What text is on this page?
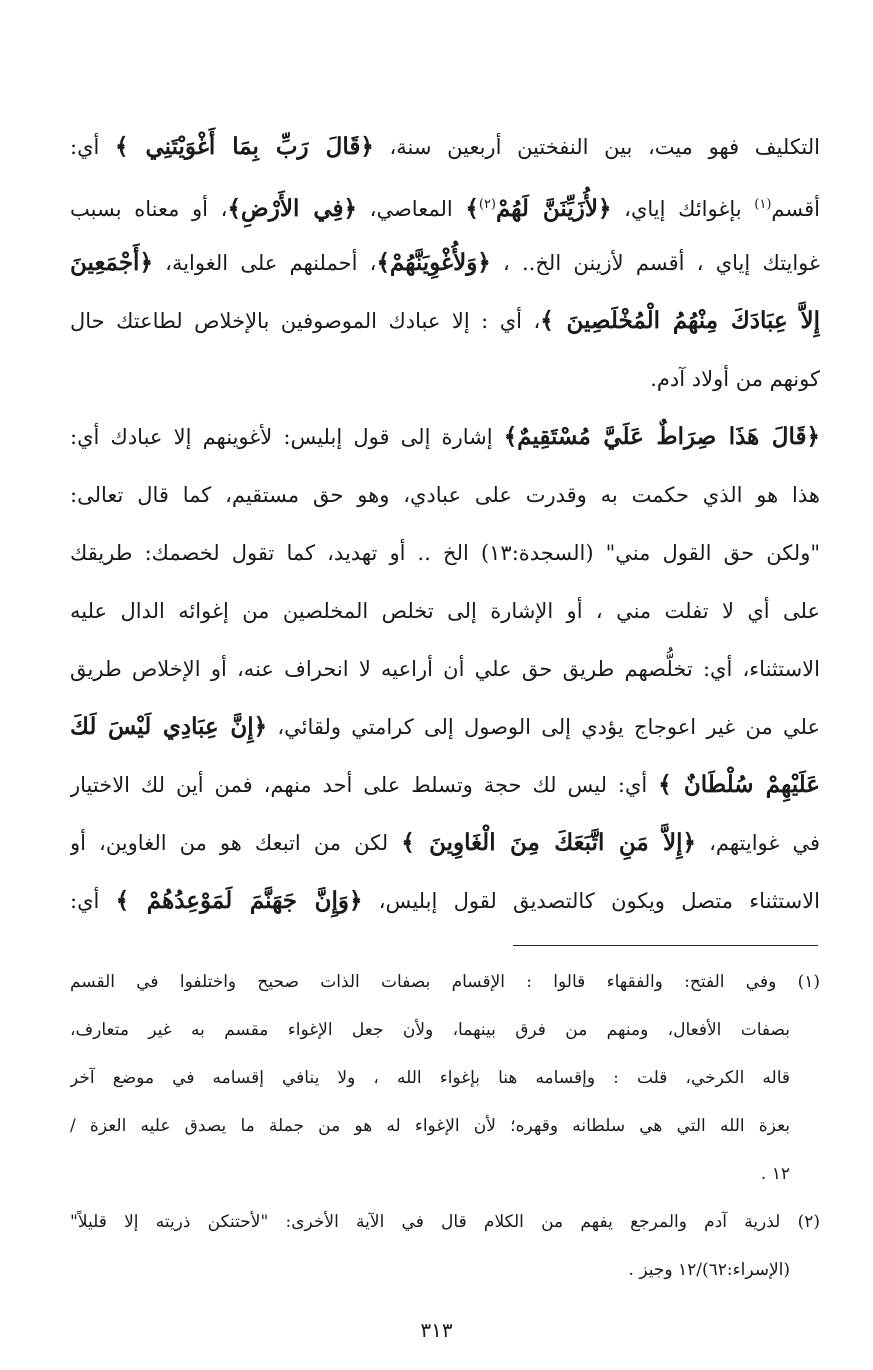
التكليف فهو ميت، بين النفختين أربعين سنة، ﴿قَالَ رَبِّ بِمَا أَغْوَيْتَنِي ﴾ أي:
أقسم$^{(١)}$ بإغوائك إياي، ﴿لأُزَيِّنَنَّ لَهُمْ$^{(٢)}$﴾ المعاصي، ﴿فِي الأَرْضِ﴾، أو معناه بسبب
غوايتك إياي ، أقسم لأزينن الخ.. ، ﴿وَلأُغْوِيَنَّهُمْ﴾، أحملنهم على الغواية، ﴿أَجْمَعِينَ
إِلاَّ عِبَادَكَ مِنْهُمُ الْمُخْلَصِينَ ﴾، أي : إلا عبادك الموصوفين بالإخلاص لطاعتك حال
كونهم من أولاد آدم.
﴿قَالَ هَذَا صِرَاطٌ عَلَيَّ مُسْتَقِيمٌ﴾ إشارة إلى قول إبليس: لأغوينهم إلا عبادك أي:
هذا هو الذي حكمت به وقدرت على عبادي، وهو حق مستقيم، كما قال تعالى:
"ولكن حق القول مني" (السجدة:١٣) الخ .. أو تهديد، كما تقول لخصمك: طريقك
على أي لا تفلت مني ، أو الإشارة إلى تخلص المخلصين من إغوائه الدال عليه
الاستثناء، أي: تخلُّصهم طريق حق علي أن أراعيه لا انحراف عنه، أو الإخلاص طريق
علي من غير اعوجاج يؤدي إلى الوصول إلى كرامتي ولقائي، ﴿إِنَّ عِبَادِي لَيْسَ لَكَ
عَلَيْهِمْ سُلْطَانٌ ﴾ أي: ليس لك حجة وتسلط على أحد منهم، فمن أين لك الاختيار
في غوايتهم، ﴿إِلاَّ مَنِ اتَّبَعَكَ مِنَ الْغَاوِينَ ﴾ لكن من اتبعك هو من الغاوين، أو
الاستثناء متصل ويكون كالتصديق لقول إبليس، ﴿وَإِنَّ جَهَنَّمَ لَمَوْعِدُهُمْ ﴾ أي:
(١) وفي الفتح: والفقهاء قالوا : الإقسام بصفات الذات صحيح واختلفوا في القسم
بصفات الأفعال، ومنهم من فرق بينهما، ولأن جعل الإغواء مقسم به غير متعارف،
قاله الكرخي، قلت : وإقسامه هنا بإغواء الله ، ولا ينافي إقسامه في موضع آخر
بعزة الله التي هي سلطانه وقهره؛ لأن الإغواء له هو من جملة ما يصدق عليه العزة /
١٢ .
(٢) لذرية آدم والمرجع يفهم من الكلام قال في الآية الأخرى: "لأحتنكن ذريته إلا قليلاً"
(الإسراء:٦٢)/١٢ وجيز .
٣١٣
